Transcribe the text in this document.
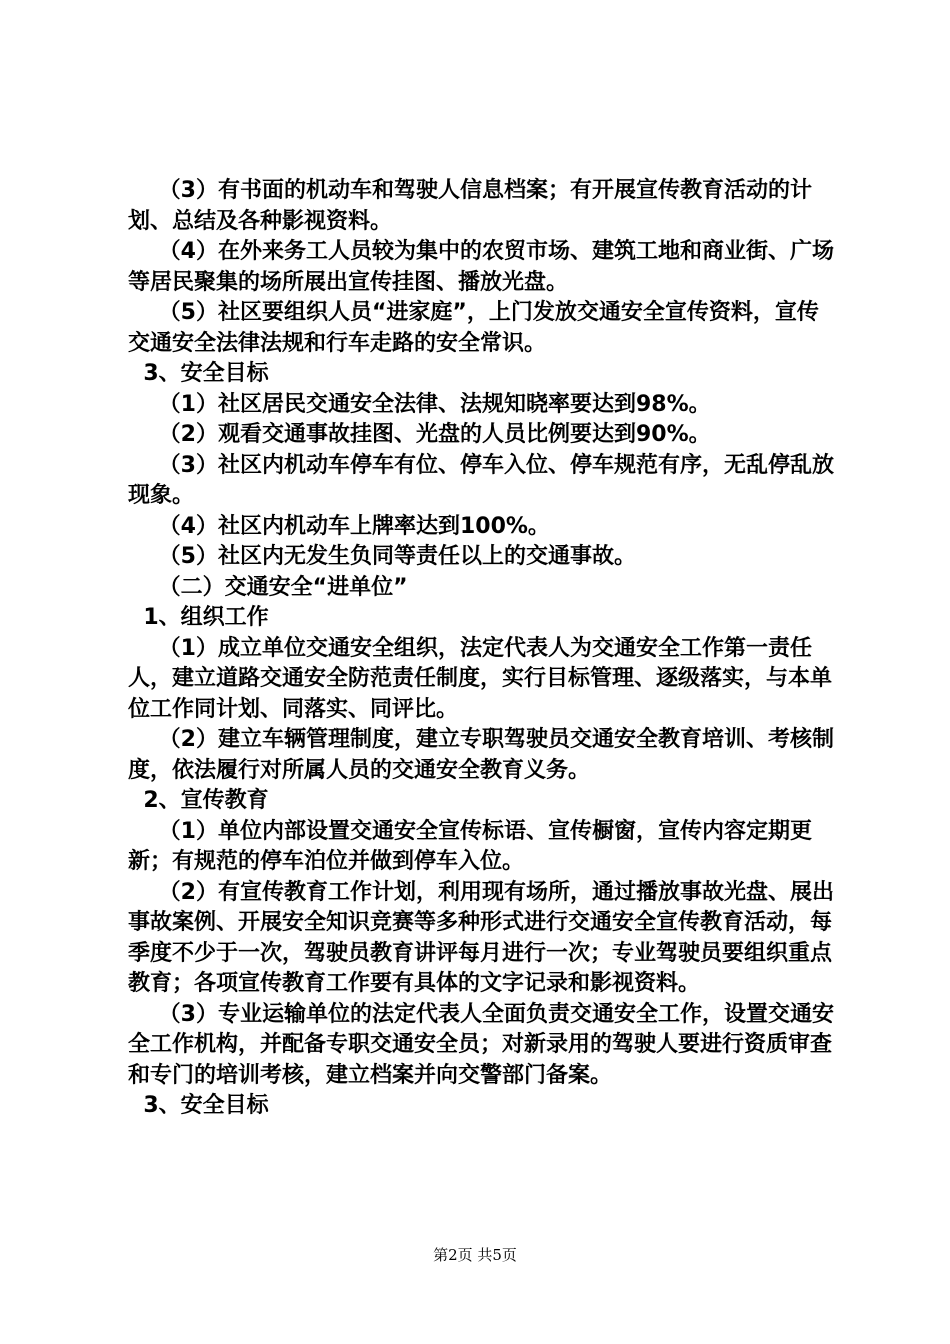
（3）有书面的机动车和驾驶人信息档案；有开展宣传教育活动的计划、总结及各种影视资料。

（4）在外来务工人员较为集中的农贸市场、建筑工地和商业街、广场等居民聚集的场所展出宣传挂图、播放光盘。

（5）社区要组织人员“进家庭”，上门发放交通安全宣传资料，宣传交通安全法律法规和行车走路的安全常识。

3、安全目标

（1）社区居民交通安全法律、法规知晓率要达到98%。

（2）观看交通事故挂图、光盘的人员比例要达到90%。

（3）社区内机动车停车有位、停车入位、停车规范有序，无乱停乱放现象。

（4）社区内机动车上牌率达到100%。

（5）社区内无发生负同等责任以上的交通事故。

（二）交通安全“进单位”

1、组织工作

（1）成立单位交通安全组织，法定代表人为交通安全工作第一责任人，建立道路交通安全防范责任制度，实行目标管理、逐级落实，与本单位工作同计划、同落实、同评比。

（2）建立车辆管理制度，建立专职驾驶员交通安全教育培训、考核制度，依法履行对所属人员的交通安全教育义务。

2、宣传教育

（1）单位内部设置交通安全宣传标语、宣传橱窗，宣传内容定期更新；有规范的停车泊位并做到停车入位。

（2）有宣传教育工作计划，利用现有场所，通过播放事故光盘、展出事故案例、开展安全知识竞赛等多种形式进行交通安全宣传教育活动，每季度不少于一次，驾驶员教育讲评每月进行一次；专业驾驶员要组织重点教育；各项宣传教育工作要有具体的文字记录和影视资料。

（3）专业运输单位的法定代表人全面负责交通安全工作，设置交通安全工作机构，并配备专职交通安全员；对新录用的驾驶人要进行资质审查和专门的培训考核，建立档案并向交警部门备案。

3、安全目标

第2页 共5页
